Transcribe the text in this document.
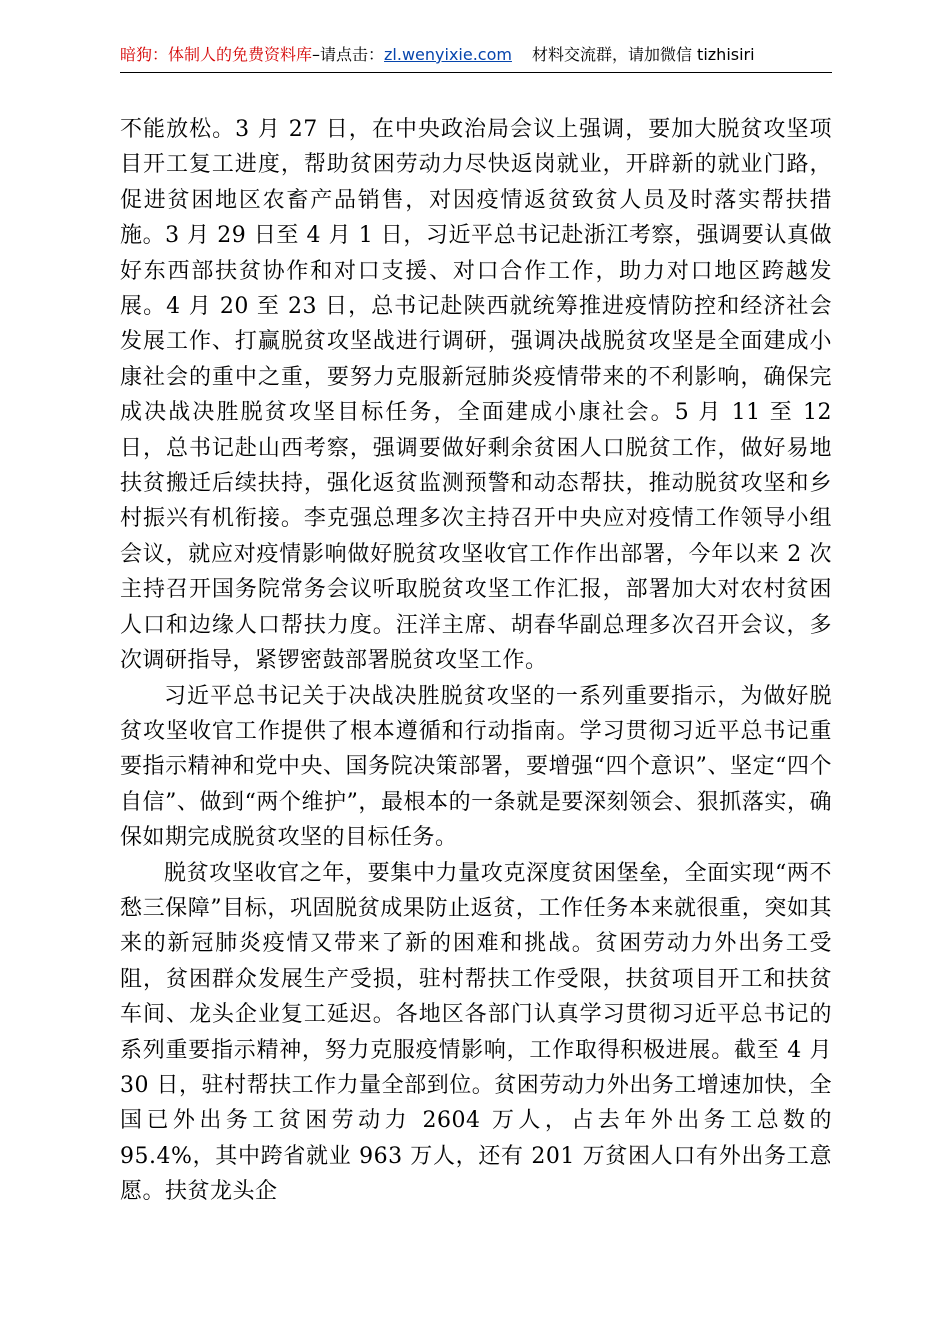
暗狗：体制人的免费资料库–请点击：zl.wenyixie.com 材料交流群，请加微信 tizhisiri

不能放松。3 月 27 日，在中央政治局会议上强调，要加大脱贫攻坚项目开工复工进度，帮助贫困劳动力尽快返岗就业，开辟新的就业门路，促进贫困地区农畜产品销售，对因疫情返贫致贫人员及时落实帮扶措施。3 月 29 日至 4 月 1 日，习近平总书记赴浙江考察，强调要认真做好东西部扶贫协作和对口支援、对口合作工作，助力对口地区跨越发展。4 月 20 至 23 日，总书记赴陕西就统筹推进疫情防控和经济社会发展工作、打赢脱贫攻坚战进行调研，强调决战脱贫攻坚是全面建成小康社会的重中之重，要努力克服新冠肺炎疫情带来的不利影响，确保完成决战决胜脱贫攻坚目标任务，全面建成小康社会。5 月 11 至 12 日，总书记赴山西考察，强调要做好剩余贫困人口脱贫工作，做好易地扶贫搬迁后续扶持，强化返贫监测预警和动态帮扶，推动脱贫攻坚和乡村振兴有机衔接。李克强总理多次主持召开中央应对疫情工作领导小组会议，就应对疫情影响做好脱贫攻坚收官工作作出部署，今年以来 2 次主持召开国务院常务会议听取脱贫攻坚工作汇报，部署加大对农村贫困人口和边缘人口帮扶力度。汪洋主席、胡春华副总理多次召开会议，多次调研指导，紧锣密鼓部署脱贫攻坚工作。

习近平总书记关于决战决胜脱贫攻坚的一系列重要指示，为做好脱贫攻坚收官工作提供了根本遵循和行动指南。学习贯彻习近平总书记重要指示精神和党中央、国务院决策部署，要增强“四个意识”、坚定“四个自信”、做到“两个维护”，最根本的一条就是要深刻领会、狠抓落实，确保如期完成脱贫攻坚的目标任务。

脱贫攻坚收官之年，要集中力量攻克深度贫困堡垒，全面实现“两不愁三保障”目标，巩固脱贫成果防止返贫，工作任务本来就很重，突如其来的新冠肺炎疫情又带来了新的困难和挑战。贫困劳动力外出务工受阻，贫困群众发展生产受损，驻村帮扶工作受限，扶贫项目开工和扶贫车间、龙头企业复工延迟。各地区各部门认真学习贯彻习近平总书记的系列重要指示精神，努力克服疫情影响，工作取得积极进展。截至 4 月 30 日，驻村帮扶工作力量全部到位。贫困劳动力外出务工增速加快，全国已外出务工贫困劳动力 2604 万人，占去年外出务工总数的 95.4%，其中跨省就业 963 万人，还有 201 万贫困人口有外出务工意愿。扶贫龙头企
